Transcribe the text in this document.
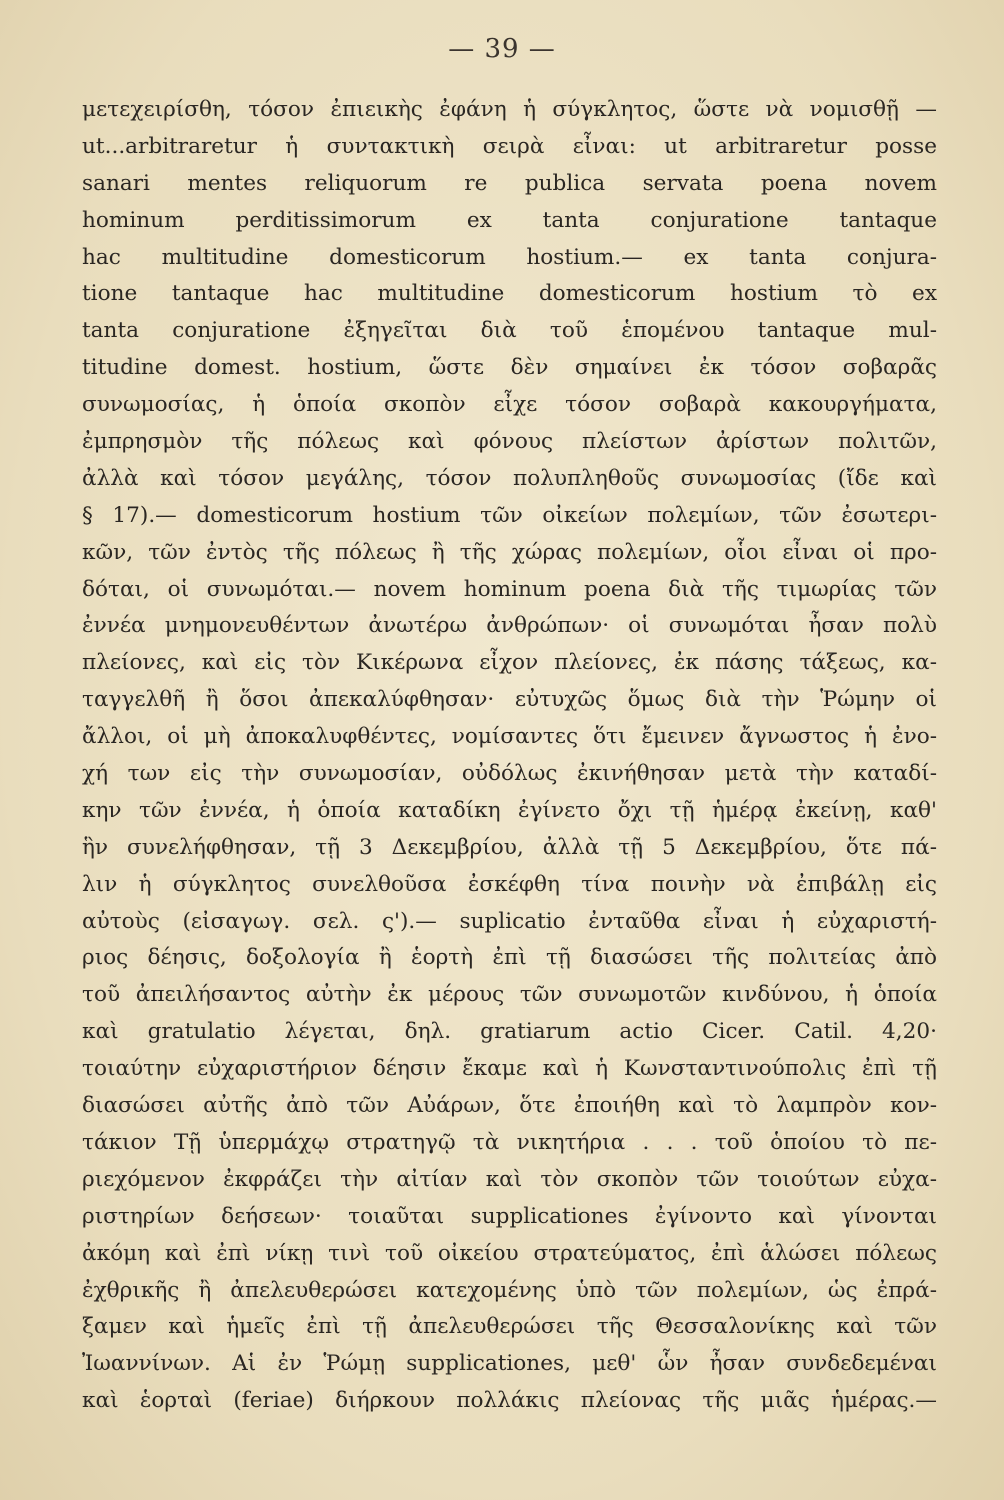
— 39 —
μετεχειρίσθη, τόσον ἐπιεικὴς ἐφάνη ἡ σύγκλητος, ὥστε νὰ νομισθῇ —
ut...arbitraretur ἡ συντακτικὴ σειρὰ εἶναι: ut arbitraretur posse
sanari mentes reliquorum re publica servata poena novem
hominum perditissimorum ex tanta conjuratione tantaque
hac multitudine domesticorum hostium.— ex tanta conjura-
tione tantaque hac multitudine domesticorum hostium τὸ ex
tanta conjuratione ἐξηγεῖται διὰ τοῦ ἑπομένου tantaque mul-
titudine domest. hostium, ὥστε δὲν σημαίνει ἐκ τόσον σοβαρᾶς
συνωμοσίας, ἡ ὁποία σκοπὸν εἶχε τόσον σοβαρὰ κακουργήματα,
ἐμπρησμὸν τῆς πόλεως καὶ φόνους πλείστων ἀρίστων πολιτῶν,
ἀλλὰ καὶ τόσον μεγάλης, τόσον πολυπληθοῦς συνωμοσίας (ἴδε καὶ
§ 17).— domesticorum hostium τῶν οἰκείων πολεμίων, τῶν ἐσωτερι-
κῶν, τῶν ἐντὸς τῆς πόλεως ἢ τῆς χώρας πολεμίων, οἷοι εἶναι οἱ προ-
δόται, οἱ συνωμόται.— novem hominum poena διὰ τῆς τιμωρίας τῶν
ἐννέα μνημονευθέντων ἀνωτέρω ἀνθρώπων· οἱ συνωμόται ἦσαν πολὺ
πλείονες, καὶ εἰς τὸν Κικέρωνα εἶχον πλείονες, ἐκ πάσης τάξεως, κα-
ταγγελθῆ ἢ ὅσοι ἀπεκαλύφθησαν· εὐτυχῶς ὅμως διὰ τὴν Ῥώμην οἱ
ἄλλοι, οἱ μὴ ἀποκαλυφθέντες, νομίσαντες ὅτι ἔμεινεν ἄγνωστος ἡ ἐνο-
χή των εἰς τὴν συνωμοσίαν, οὐδόλως ἐκινήθησαν μετὰ τὴν καταδί-
κην τῶν ἐννέα, ἡ ὁποία καταδίκη ἐγίνετο ὄχι τῇ ἡμέρᾳ ἐκείνῃ, καθ'
ἣν συνελήφθησαν, τῇ 3 Δεκεμβρίου, ἀλλὰ τῇ 5 Δεκεμβρίου, ὅτε πά-
λιν ἡ σύγκλητος συνελθοῦσα ἐσκέφθη τίνα ποινὴν νὰ ἐπιβάλῃ εἰς
αὐτοὺς (εἰσαγωγ. σελ. ς').— suplicatio ἐνταῦθα εἶναι ἡ εὐχαριστή-
ριος δέησις, δοξολογία ἢ ἑορτὴ ἐπὶ τῇ διασώσει τῆς πολιτείας ἀπὸ
τοῦ ἀπειλήσαντος αὐτὴν ἐκ μέρους τῶν συνωμοτῶν κινδύνου, ἡ ὁποία
καὶ gratulatio λέγεται, δηλ. gratiarum actio Cicer. Catil. 4,20·
τοιαύτην εὐχαριστήριον δέησιν ἔκαμε καὶ ἡ Κωνσταντινούπολις ἐπὶ τῇ
διασώσει αὐτῆς ἀπὸ τῶν Αὐάρων, ὅτε ἐποιήθη καὶ τὸ λαμπρὸν κον-
τάκιον Τῇ ὑπερμάχῳ στρατηγῷ τὰ νικητήρια . . . τοῦ ὁποίου τὸ πε-
ριεχόμενον ἐκφράζει τὴν αἰτίαν καὶ τὸν σκοπὸν τῶν τοιούτων εὐχα-
ριστηρίων δεήσεων· τοιαῦται supplicationes ἐγίνοντο καὶ γίνονται
ἀκόμη καὶ ἐπὶ νίκῃ τινὶ τοῦ οἰκείου στρατεύματος, ἐπὶ ἁλώσει πόλεως
ἐχθρικῆς ἢ ἀπελευθερώσει κατεχομένης ὑπὸ τῶν πολεμίων, ὡς ἐπρά-
ξαμεν καὶ ἡμεῖς ἐπὶ τῇ ἀπελευθερώσει τῆς Θεσσαλονίκης καὶ τῶν
Ἰωαννίνων. Αἱ ἐν Ῥώμῃ supplicationes, μεθ' ὧν ἦσαν συνδεδεμέναι
καὶ ἑορταὶ (feriae) διήρκουν πολλάκις πλείονας τῆς μιᾶς ἡμέρας.—
